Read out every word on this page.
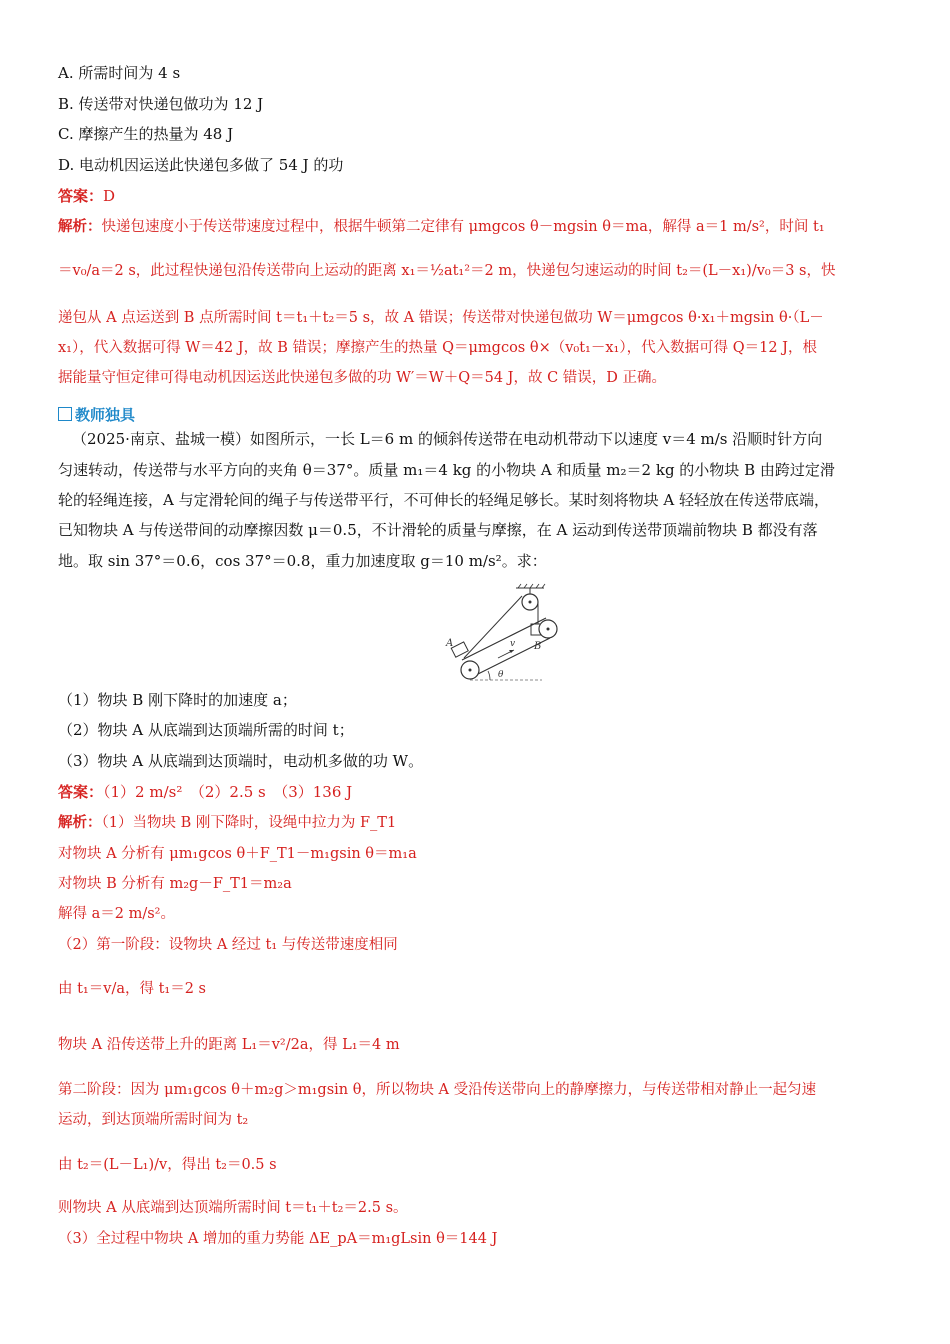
A. 所需时间为 4 s
B. 传送带对快递包做功为 12 J
C. 摩擦产生的热量为 48 J
D. 电动机因运送此快递包多做了 54 J 的功
答案：D
解析：快递包速度小于传送带速度过程中，根据牛顿第二定律有 μmgcos θ－mgsin θ＝ma，解得 a＝1 m/s²，时间 t₁
＝v₀/a＝2 s，此过程快递包沿传送带向上运动的距离 x₁＝½at₁²＝2 m，快递包匀速运动的时间 t₂＝(L－x₁)/v₀＝3 s，快
递包从 A 点运送到 B 点所需时间 t＝t₁＋t₂＝5 s，故 A 错误；传送带对快递包做功 W＝μmgcos θ·x₁＋mgsin θ·（L－
x₁），代入数据可得 W＝42 J，故 B 错误；摩擦产生的热量 Q＝μmgcos θ×（v₀t₁－x₁），代入数据可得 Q＝12 J，根
据能量守恒定律可得电动机因运送此快递包多做的功 W′＝W＋Q＝54 J，故 C 错误，D 正确。
教师独具
（2025·南京、盐城一模）如图所示，一长 L＝6 m 的倾斜传送带在电动机带动下以速度 v＝4 m/s 沿顺时针方向
匀速转动，传送带与水平方向的夹角 θ＝37°。质量 m₁＝4 kg 的小物块 A 和质量 m₂＝2 kg 的小物块 B 由跨过定滑
轮的轻绳连接，A 与定滑轮间的绳子与传送带平行，不可伸长的轻绳足够长。某时刻将物块 A 轻轻放在传送带底端，
已知物块 A 与传送带间的动摩擦因数 μ＝0.5，不计滑轮的质量与摩擦，在 A 运动到传送带顶端前物块 B 都没有落
地。取 sin 37°＝0.6，cos 37°＝0.8，重力加速度取 g＝10 m/s²。求：
B
A	v
θ
（1）物块 B 刚下降时的加速度 a；
（2）物块 A 从底端到达顶端所需的时间 t；
（3）物块 A 从底端到达顶端时，电动机多做的功 W。
答案：（1）2 m/s²　（2）2.5 s　（3）136 J
解析：（1）当物块 B 刚下降时，设绳中拉力为 F_T1
对物块 A 分析有 μm₁gcos θ＋F_T1－m₁gsin θ＝m₁a
对物块 B 分析有 m₂g－F_T1＝m₂a
解得 a＝2 m/s²。
（2）第一阶段：设物块 A 经过 t₁ 与传送带速度相同
由 t₁＝v/a，得 t₁＝2 s
物块 A 沿传送带上升的距离 L₁＝v²/2a，得 L₁＝4 m
第二阶段：因为 μm₁gcos θ＋m₂g＞m₁gsin θ，所以物块 A 受沿传送带向上的静摩擦力，与传送带相对静止一起匀速
运动，到达顶端所需时间为 t₂
由 t₂＝(L－L₁)/v，得出 t₂＝0.5 s
则物块 A 从底端到达顶端所需时间 t＝t₁＋t₂＝2.5 s。
（3）全过程中物块 A 增加的重力势能 ΔE_pA＝m₁gLsin θ＝144 J
